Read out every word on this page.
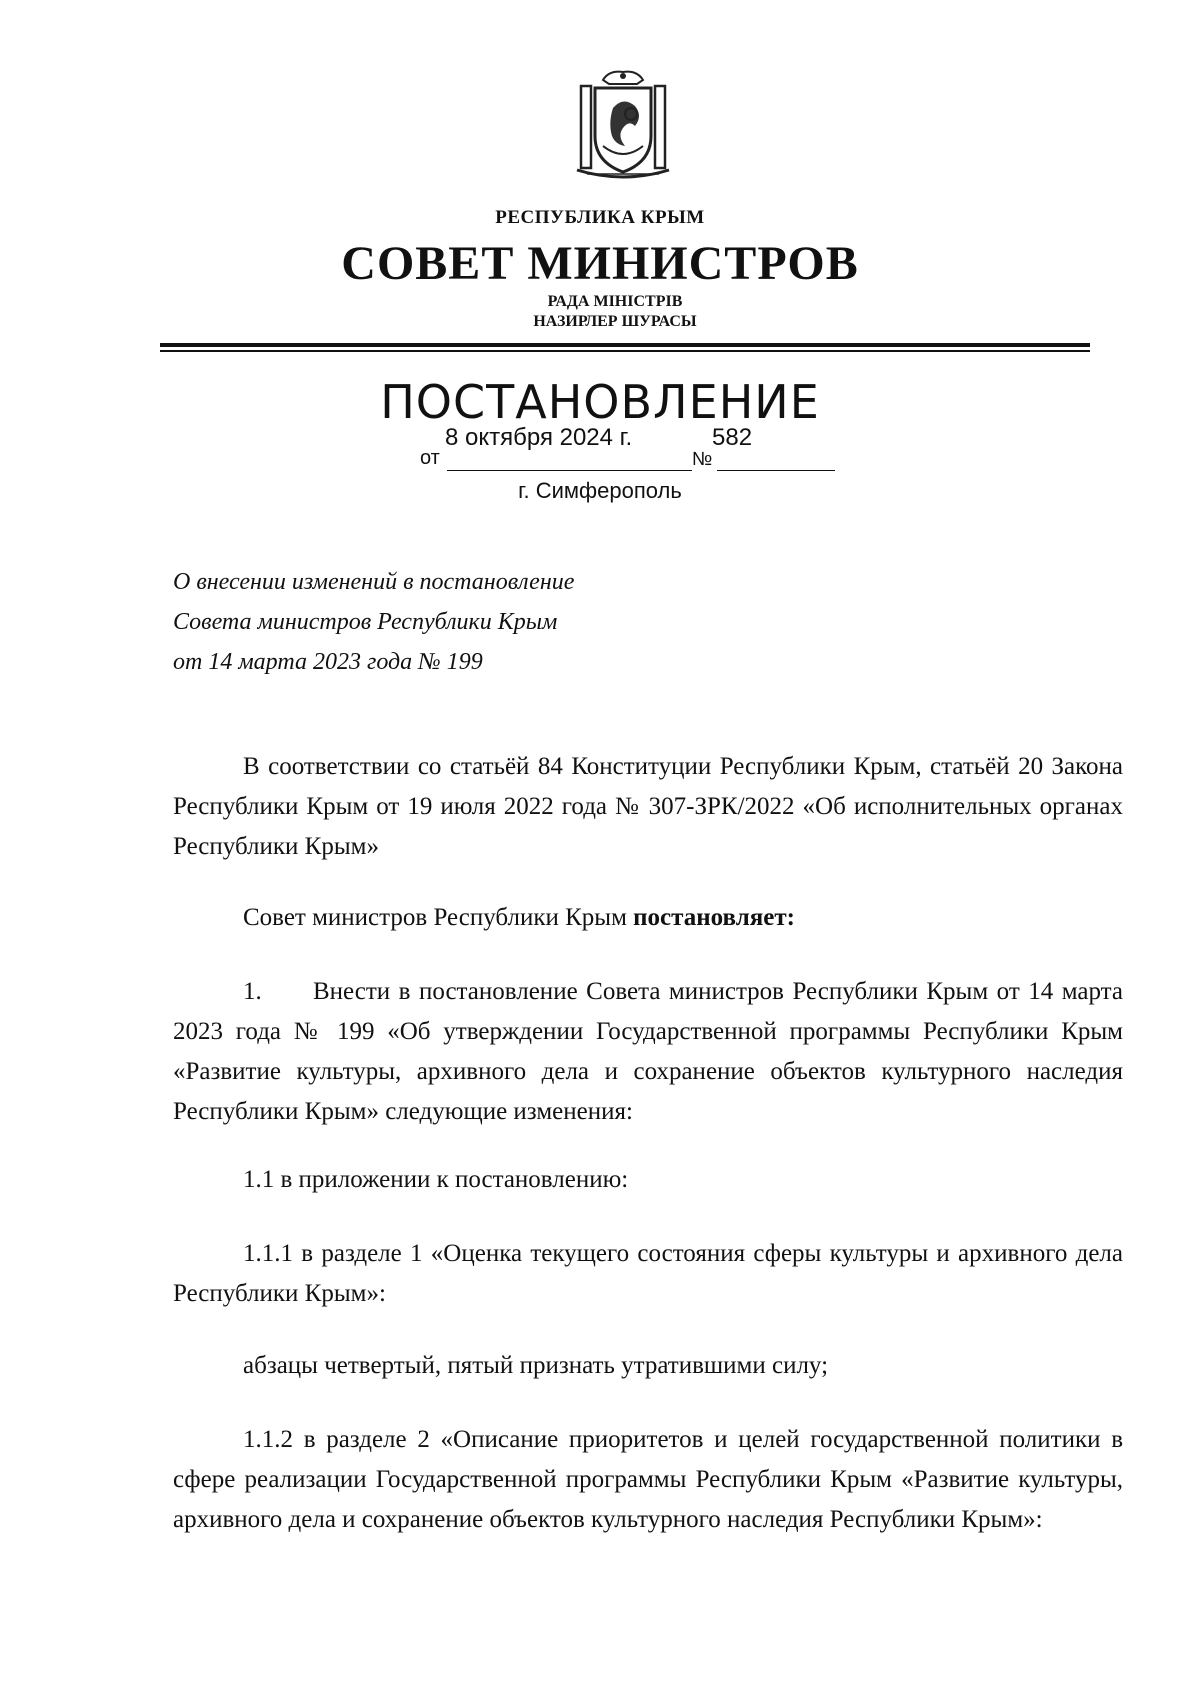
РЕСПУБЛИКА КРЫМ
СОВЕТ МИНИСТРОВ
РАДА МІНІСТРІВ
НАЗИРЛЕР ШУРАСЫ
ПОСТАНОВЛЕНИЕ
8 октября 2024 г.	582
от	№
г. Симферополь
О внесении изменений в постановление
Совета министров Республики Крым
от 14 марта 2023 года № 199
В соответствии со статьёй 84 Конституции Республики Крым, статьёй 20 Закона Республики Крым от 19 июля 2022 года № 307-ЗРК/2022 «Об исполнительных органах Республики Крым»
Совет министров Республики Крым постановляет:
1. Внести в постановление Совета министров Республики Крым от 14 марта 2023 года № 199 «Об утверждении Государственной программы Республики Крым «Развитие культуры, архивного дела и сохранение объектов культурного наследия Республики Крым» следующие изменения:
1.1 в приложении к постановлению:
1.1.1 в разделе 1 «Оценка текущего состояния сферы культуры и архивного дела Республики Крым»:
абзацы четвертый, пятый признать утратившими силу;
1.1.2 в разделе 2 «Описание приоритетов и целей государственной политики в сфере реализации Государственной программы Республики Крым «Развитие культуры, архивного дела и сохранение объектов культурного наследия Республики Крым»:
